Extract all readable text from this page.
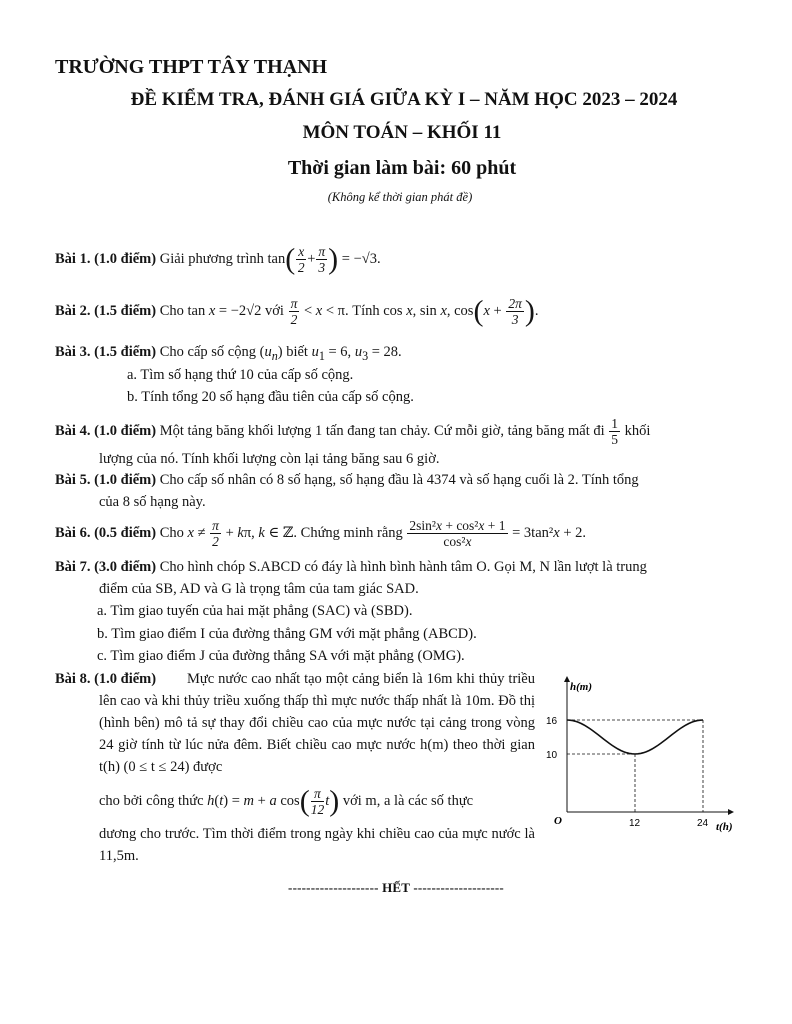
TRƯỜNG THPT TÂY THẠNH
ĐỀ KIỂM TRA, ĐÁNH GIÁ GIỮA KỲ I – NĂM HỌC 2023 – 2024
MÔN TOÁN – KHỐI 11
Thời gian làm bài: 60 phút
(Không kể thời gian phát đề)
Bài 1. (1.0 điểm) Giải phương trình $\tan( \frac{x}{2} + \frac{\pi}{3}$ ) = −√3.
Bài 2. (1.5 điểm) Cho tan x = −2√2 với $\frac{\pi}{2} < x < \pi$. Tính cos x, sin x, $\cos(x + \frac{2\pi}{3}$ ).
Bài 3. (1.5 điểm) Cho cấp số cộng $(u_n)$ biết $u_1 = 6$, $u_3 = 28$.
a. Tìm số hạng thứ 10 của cấp số cộng.
b. Tính tổng 20 số hạng đầu tiên của cấp số cộng.
Bài 4. (1.0 điểm) Một tảng băng khối lượng 1 tấn đang tan chảy. Cứ mỗi giờ, tảng băng mất đi $\frac{1}{5}$ khối
lượng của nó. Tính khối lượng còn lại tảng băng sau 6 giờ.
Bài 5. (1.0 điểm) Cho cấp số nhân có 8 số hạng, số hạng đầu là 4374 và số hạng cuối là 2. Tính tổng
của 8 số hạng này.
Bài 6. (0.5 điểm) Cho $x \ne \frac{\pi}{2} + k\pi$, k ∈ ℤ. Chứng minh rằng $\frac{\text{2sin²x + cos²x + 1}}{\text{cos²x}} = 3\tan^2x + 2$.
Bài 7. (3.0 điểm) Cho hình chóp S.ABCD có đáy là hình bình hành tâm O. Gọi M, N lần lượt là trung
điểm của SB, AD và G là trọng tâm của tam giác SAD.
a. Tìm giao tuyến của hai mặt phẳng (SAC) và (SBD).
b. Tìm giao điểm I của đường thẳng GM với mặt phẳng (ABCD).
c. Tìm giao điểm J của đường thẳng SA với mặt phẳng (OMG).
Bài 8. (1.0 điểm)	Mực nước cao nhất tạo một cảng biển là 16m khi thủy triều lên cao và khi thủy triều xuống thấp thì mực nước thấp nhất là 10m. Đồ thị (hình bên) mô tả sự thay đổi chiều cao của mực nước tại cảng trong vòng 24 giờ tính từ lúc nửa đêm. Biết chiều cao mực nước h(m) theo thời gian t(h) (0 ≤ t ≤ 24) được
cho bởi công thức h(t) = m + a $\cos( \frac{\pi}{12} t)$ với m, a là các số thực
dương cho trước. Tìm thời điểm trong ngày khi chiều cao của mực nước là 11,5m.
h(m)
t(h)
O	12	24
10
16
-------------------- HẾT --------------------
